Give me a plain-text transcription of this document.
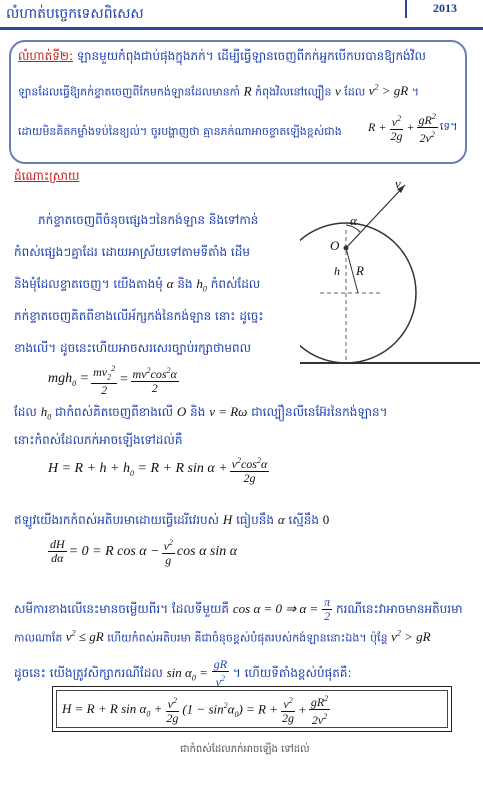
លំហាត់បច្ចេកទេសពិសេស	2013
លំហាត់ទី២: ឡានមួយកំពុងជាប់ផុងក្នុងភក់។ ដើម្បីធ្វើឡានចេញពីភក់អ្នកបើកបរបានឱ្យកង់វិល
ឡានដែលធ្វើឱ្យភក់ខ្ទាតចេញពីកែមកង់ឡានដែលមានកាំ R កំពុងវិលនៅល្បឿន v ដែល $v^2$ > gR ។
ដោយមិនគិតកម្លាំងទប់នៃខ្យល់។ ចូរបង្ហាញថា គ្មានភក់ណាអាចខ្ទាតឡើងខ្ពស់ជាង $R + \frac{v^2}{2g} + \frac{gR^2}{2v^2}$ ទេ។
ដំណោះស្រាយ	v
α
O
h R
ភក់ខ្ទាតចេញពីចំនុចផ្សេងៗនៃកង់ឡាន និងទៅកាន់
កំពស់ផ្សេងៗគ្នាដែរ ដោយអាស្រ័យទៅតាមទីតាំង ដើម
និងមុំដែលខ្ទាតចេញ។ យើងតាងមុំ α និង $h_0$ កំពស់ដែល
ភក់ខ្ទាតចេញគិតពីខាងលើអ័ក្សកង់នៃកង់ឡាន នោះ ដូច្នេះ
ខាងលើ។ ដូចនេះហើយអាចសរសេរច្បាប់រក្សាថាមពល
$mgh_0 = \frac{mv_2^2}{2} = \frac{mv^2\cos^2\alpha}{2}$
ដែល $h_0$ ជាកំពស់គិតចេញពីខាងលើ O និង v = Rω ជាល្បឿនលីនេអ៊ែរនៃកង់ឡាន។
នោះកំពស់ដែលភក់អាចឡើងទៅដល់គឺ
$H = R + h + h_0 = R + R$ $\sin \alpha + \frac{v^2\cos^2\alpha}{2g}$
ឥឡូវយើងរកកំពស់អតិបរមាដោយធ្វើដេរីវេរបស់ H ធៀបនឹង α ស្មើនឹង 0
$\frac{dH}{d\alpha} = 0 = R$ $\cos \alpha - \frac{v^2}{g}$ cos α sin α
សមីការខាងលើនេះមានចម្លើយពីរ។ ដែលទីមួយគឺ cos α = 0 ⇒ $\alpha = \frac{\pi}{2}$ ករណីនេះវាអាចមានអតិបរមា
កាលណាតែ $v^2$ ≤ gR ហើយកំពស់អតិបរមា គឺជាចំនុចខ្ពស់បំផុតរបស់កង់ឡាននោះឯង។ ប៉ុន្តែ $v^2$ > gR
ដូចនេះ យើងត្រូវសិក្សាករណីដែល $\sin \alpha_0 = \frac{gR}{v^2}$ ។ ហើយទីតាំងខ្ពស់បំផុតគឺ:
H = R + R $\sin \alpha_0 + \frac{v^2}{2g} (1 - \sin^2\alpha_0) = R + \frac{v^2}{2g} + \frac{gR^2}{2v^2}$
ជាកំពស់ដែលភក់អាចឡើង ទៅដល់
